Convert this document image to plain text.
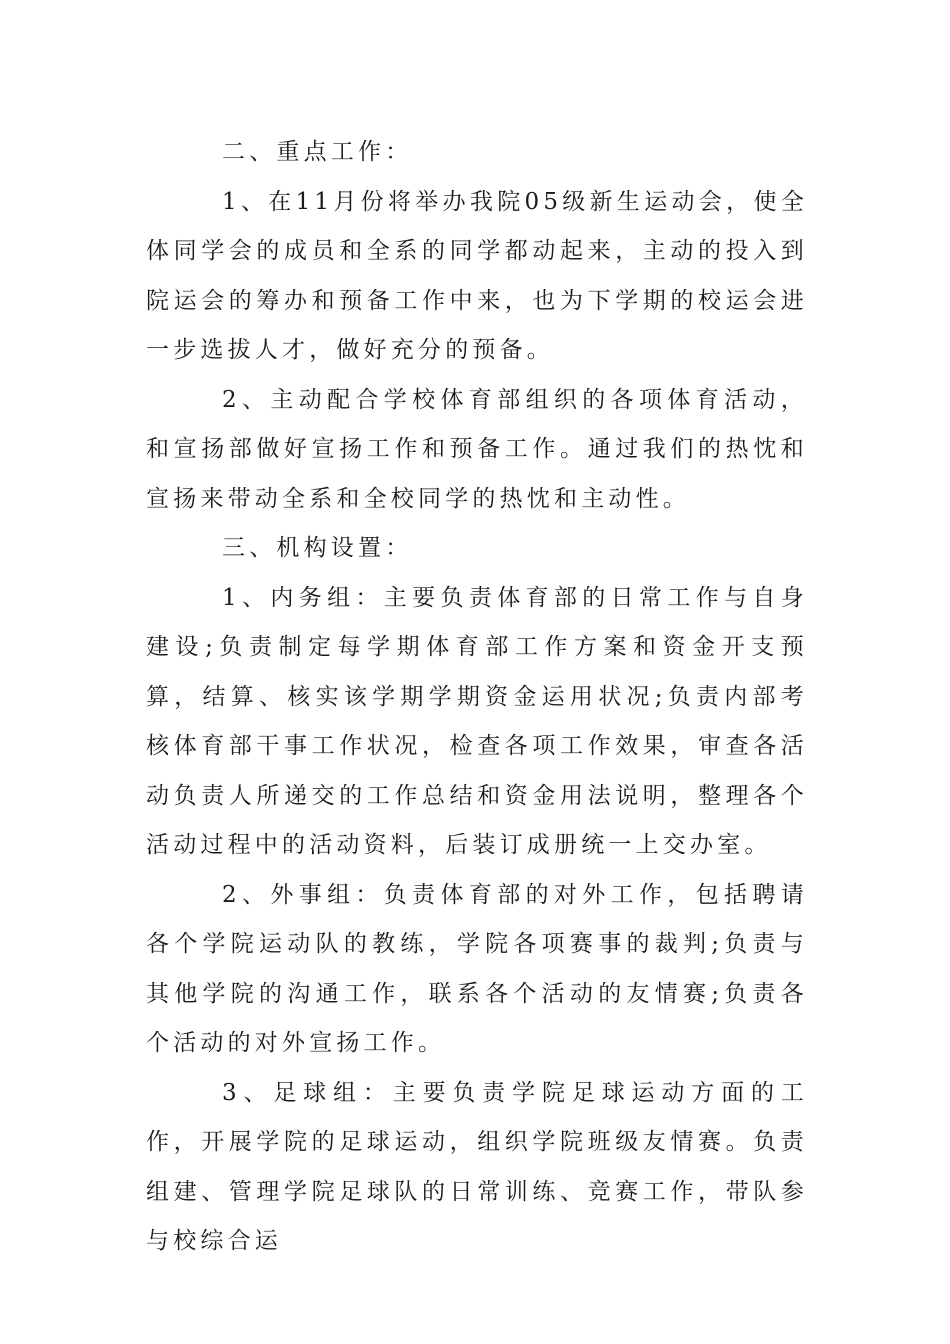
二、重点工作：

1、在11月份将举办我院05级新生运动会，使全体同学会的成员和全系的同学都动起来，主动的投入到院运会的筹办和预备工作中来，也为下学期的校运会进一步选拔人才，做好充分的预备。

2、主动配合学校体育部组织的各项体育活动，和宣扬部做好宣扬工作和预备工作。通过我们的热忱和宣扬来带动全系和全校同学的热忱和主动性。

三、机构设置：

1、内务组：主要负责体育部的日常工作与自身建设;负责制定每学期体育部工作方案和资金开支预算，结算、核实该学期学期资金运用状况;负责内部考核体育部干事工作状况，检查各项工作效果，审查各活动负责人所递交的工作总结和资金用法说明，整理各个活动过程中的活动资料，后装订成册统一上交办室。

2、外事组：负责体育部的对外工作，包括聘请各个学院运动队的教练，学院各项赛事的裁判;负责与其他学院的沟通工作，联系各个活动的友情赛;负责各个活动的对外宣扬工作。

3、足球组：主要负责学院足球运动方面的工作，开展学院的足球运动，组织学院班级友情赛。负责组建、管理学院足球队的日常训练、竞赛工作，带队参与校综合运
